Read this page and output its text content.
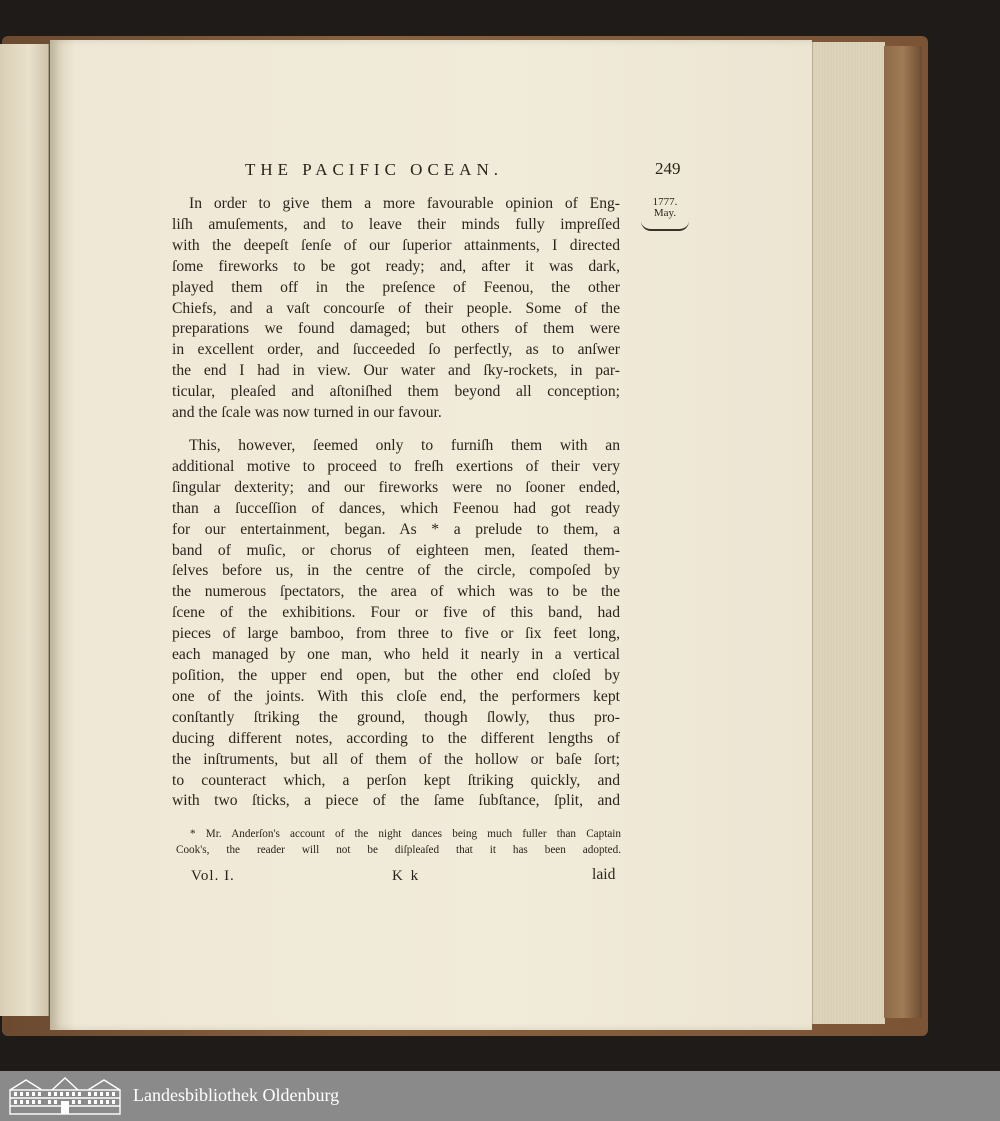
THE PACIFIC OCEAN.	249
1777.
May.
In order to give them a more favourable opinion of Eng-
liſh amuſements, and to leave their minds fully impreſſed
with the deepeſt ſenſe of our ſuperior attainments, I directed
ſome fireworks to be got ready; and, after it was dark,
played them off in the preſence of Feenou, the other
Chiefs, and a vaſt concourſe of their people. Some of the
preparations we found damaged; but others of them were
in excellent order, and ſucceeded ſo perfectly, as to anſwer
the end I had in view. Our water and ſky-rockets, in par-
ticular, pleaſed and aſtoniſhed them beyond all conception;
and the ſcale was now turned in our favour.
This, however, ſeemed only to furniſh them with an
additional motive to proceed to freſh exertions of their very
ſingular dexterity; and our fireworks were no ſooner ended,
than a ſucceſſion of dances, which Feenou had got ready
for our entertainment, began. As * a prelude to them, a
band of muſic, or chorus of eighteen men, ſeated them-
ſelves before us, in the centre of the circle, compoſed by
the numerous ſpectators, the area of which was to be the
ſcene of the exhibitions. Four or five of this band, had
pieces of large bamboo, from three to five or ſix feet long,
each managed by one man, who held it nearly in a vertical
poſition, the upper end open, but the other end cloſed by
one of the joints. With this cloſe end, the performers kept
conſtantly ſtriking the ground, though ſlowly, thus pro-
ducing different notes, according to the different lengths of
the inſtruments, but all of them of the hollow or baſe ſort;
to counteract which, a perſon kept ſtriking quickly, and
with two ſticks, a piece of the ſame ſubſtance, ſplit, and
* Mr. Anderſon's account of the night dances being much fuller than Captain
Cook's, the reader will not be diſpleaſed that it has been adopted.
Vol. I.	K k	laid
Landesbibliothek Oldenburg
